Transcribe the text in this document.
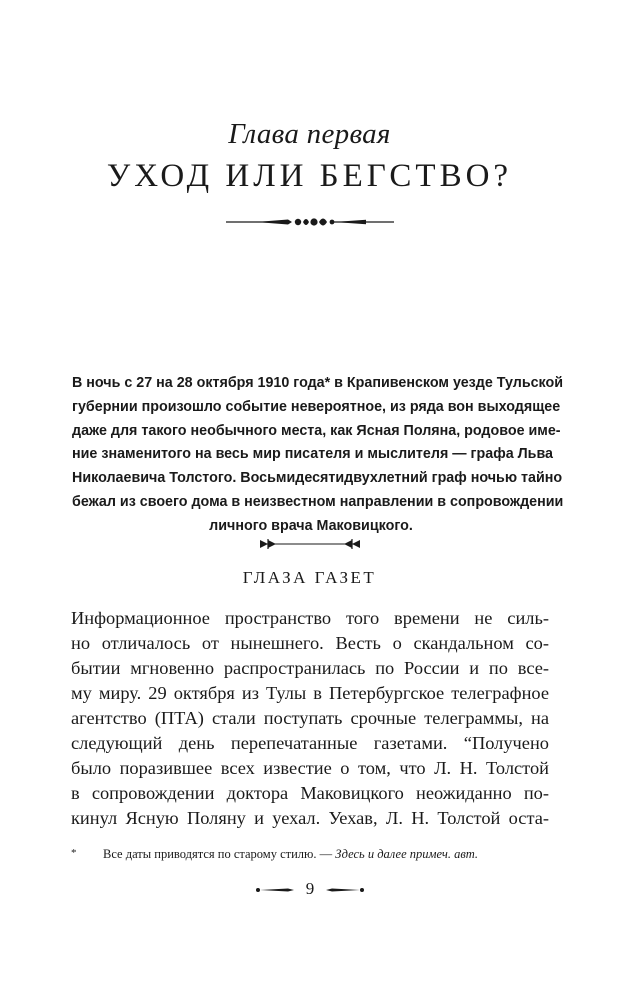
Глава первая
УХОД ИЛИ БЕГСТВО?
В ночь с 27 на 28 октября 1910 года* в Крапивенском уезде Тульской
губернии произошло событие невероятное, из ряда вон выходящее
даже для такого необычного места, как Ясная Поляна, родовое име-
ние знаменитого на весь мир писателя и мыслителя — графа Льва
Николаевича Толстого. Восьмидесятидвухлетний граф ночью тайно
бежал из своего дома в неизвестном направлении в сопровождении
личного врача Маковицкого.
ГЛАЗА ГАЗЕТ
Информационное пространство того времени не силь-
но отличалось от нынешнего. Весть о скандальном со-
бытии мгновенно распространилась по России и по все-
му миру. 29 октября из Тулы в Петербургское телеграфное
агентство (ПТА) стали поступать срочные телеграммы, на
следующий день перепечатанные газетами. “Получено
было поразившее всех известие о том, что Л. Н. Толстой
в сопровождении доктора Маковицкого неожиданно по-
кинул Ясную Поляну и уехал. Уехав, Л. Н. Толстой оста-
* Все даты приводятся по старому стилю. — Здесь и далее примеч. авт.
9
